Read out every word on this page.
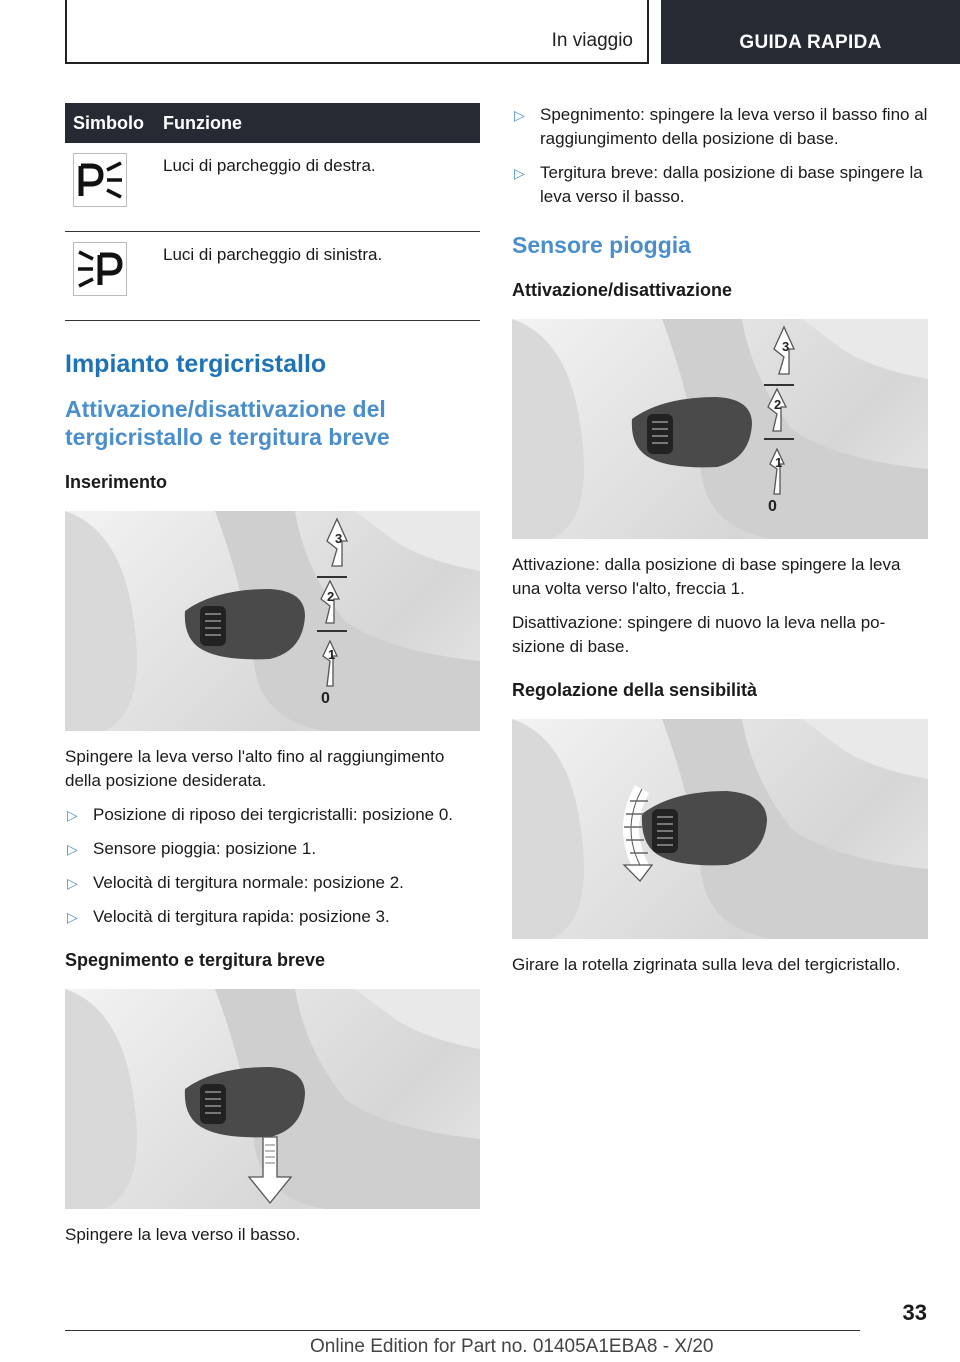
In viaggio	GUIDA RAPIDA
Simbolo	Funzione

	Luci di parcheggio di destra.

	Luci di parcheggio di sinistra.
Impianto tergicristallo
Attivazione/disattivazione del tergicristallo e tergitura breve
Inserimento
1
2
3
0

Spingere la leva verso l'alto fino al raggiungimento della posizione desiderata.

▷ Posizione di riposo dei tergicristalli: posizione 0.
▷ Sensore pioggia: posizione 1.
▷ Velocità di tergitura normale: posizione 2.
▷ Velocità di tergitura rapida: posizione 3.
Spegnimento e tergitura breve

Spingere la leva verso il basso.

▷ Spegnimento: spingere la leva verso il basso fino al raggiungimento della posizione di base.
▷ Tergitura breve: dalla posizione di base spingere la leva verso il basso.
Sensore pioggia
Attivazione/disattivazione
1
2
3
0

Attivazione: dalla posizione di base spingere la leva una volta verso l'alto, freccia 1.

Disattivazione: spingere di nuovo la leva nella posizione di base.

Regolazione della sensibilità

Girare la rotella zigrinata sulla leva del tergicristallo.

33
Online Edition for Part no. 01405A1EBA8 - X/20
